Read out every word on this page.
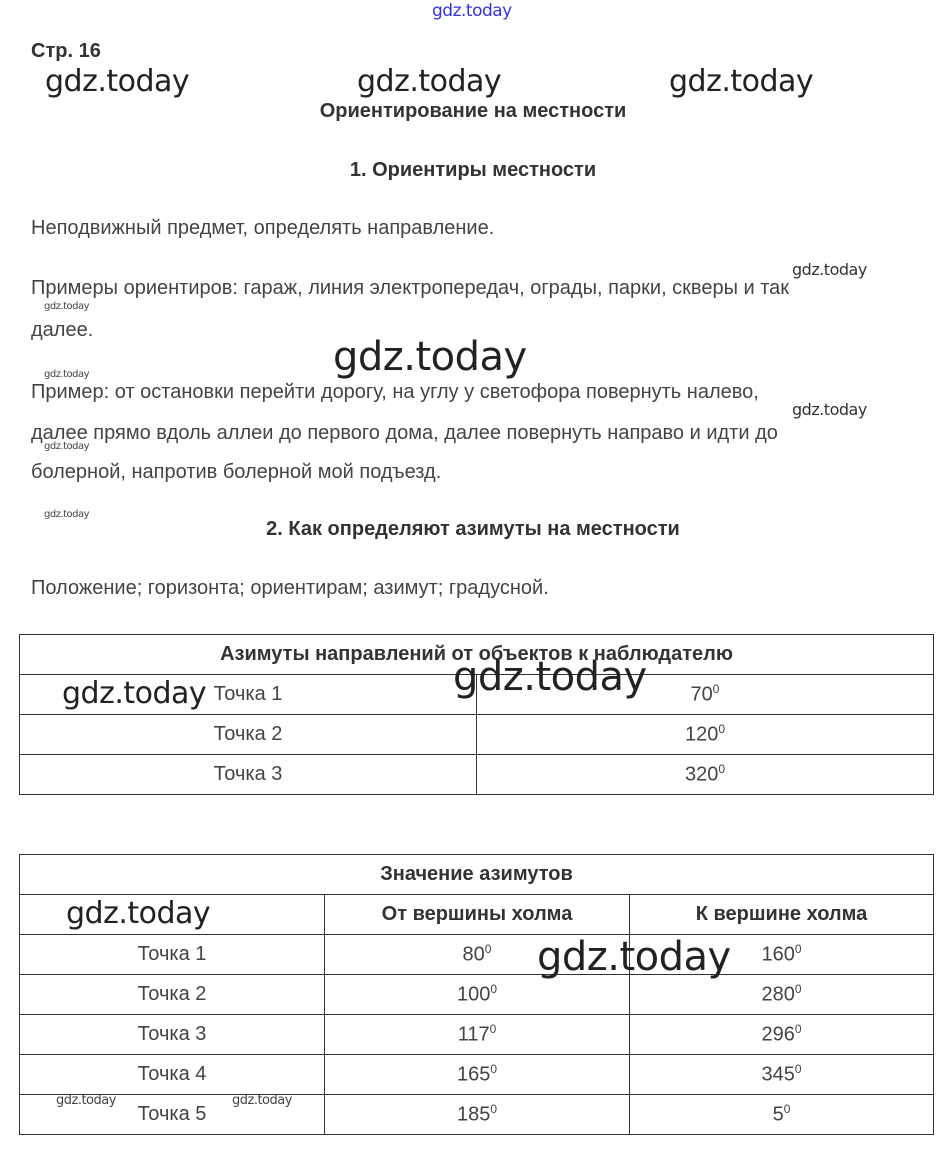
gdz.today
Стр. 16
gdz.today	gdz.today	gdz.today
Ориентирование на местности
1. Ориентиры местности
Неподвижный предмет, определять направление.
gdz.today
Примеры ориентиров: гараж, линия электропередач, ограды, парки, скверы и так
gdz.today
далее.
gdz.today
Пример: от остановки перейти дорогу, на углу у светофора повернуть налево,
gdz.today
gdz.today
далее прямо вдоль аллеи до первого дома, далее повернуть направо и идти до
болерной, напротив болерной мой подъезд.
gdz.today
gdz.today
2. Как определяют азимуты на местности
Положение; горизонта; ориентирам; азимут; градусной.
Азимуты направлений от объектов к наблюдателю	
Точка 1	$70^0$
Точка 2	$120^0$
Точка 3	$320^0$
gdz.today	gdz.today
Значение азимутов		
	От вершины холма	К вершине холма
Точка 1	$80^0$	$160^0$
Точка 2	$100^0$	$280^0$
Точка 3	$117^0$	$296^0$
Точка 4	$165^0$	$345^0$
Точка 5	$185^0$	$5^0$
gdz.today
gdz.today
gdz.today	gdz.today
